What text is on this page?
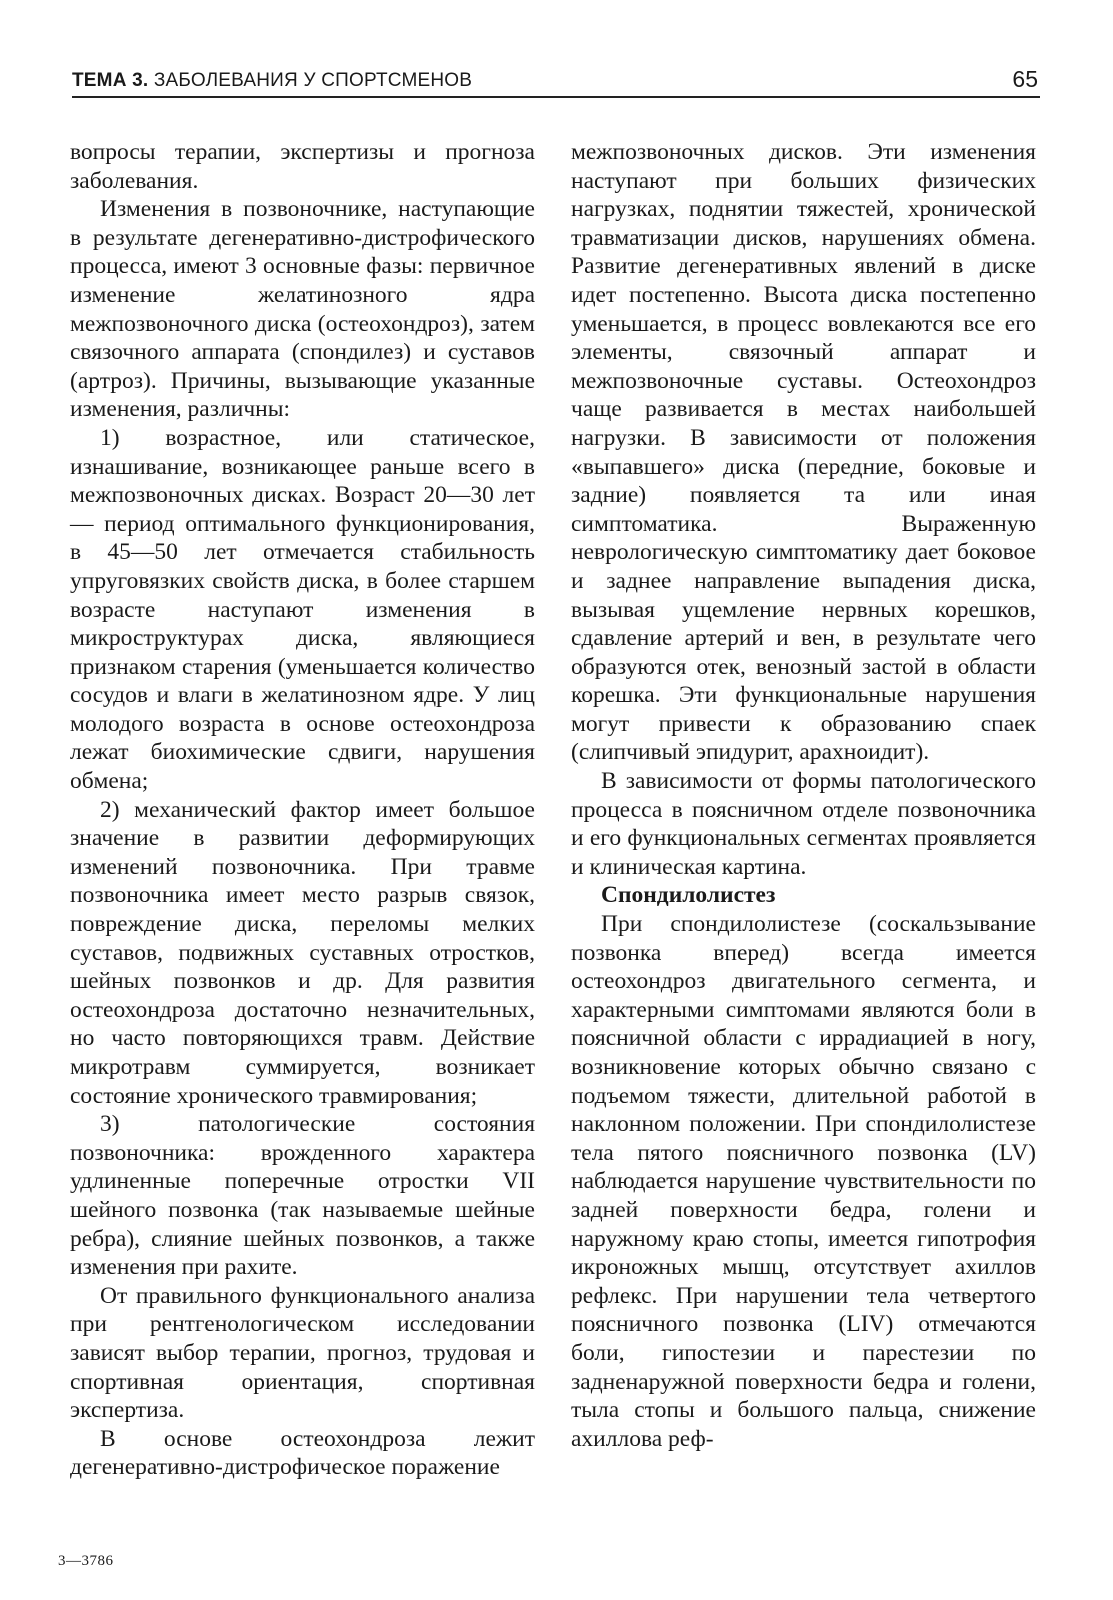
ТЕМА 3. ЗАБОЛЕВАНИЯ У СПОРТСМЕНОВ	65

вопросы терапии, экспертизы и прогноза заболевания.

Изменения в позвоночнике, наступающие в результате дегенеративно-дистрофического процесса, имеют 3 основные фазы: первичное изменение желатинозного ядра межпозвоночного диска (остеохондроз), затем связочного аппарата (спондилез) и суставов (артроз). Причины, вызывающие указанные изменения, различны:

1) возрастное, или статическое, изнашивание, возникающее раньше всего в межпозвоночных дисках. Возраст 20—30 лет — период оптимального функционирования, в 45—50 лет отмечается стабильность упруговязких свойств диска, в более старшем возрасте наступают изменения в микроструктурах диска, являющиеся признаком старения (уменьшается количество сосудов и влаги в желатинозном ядре. У лиц молодого возраста в основе остеохондроза лежат биохимические сдвиги, нарушения обмена;

2) механический фактор имеет большое значение в развитии деформирующих изменений позвоночника. При травме позвоночника имеет место разрыв связок, повреждение диска, переломы мелких суставов, подвижных суставных отростков, шейных позвонков и др. Для развития остеохондроза достаточно незначительных, но часто повторяющихся травм. Действие микротравм суммируется, возникает состояние хронического травмирования;

3) патологические состояния позвоночника: врожденного характера удлиненные поперечные отростки VII шейного позвонка (так называемые шейные ребра), слияние шейных позвонков, а также изменения при рахите.

От правильного функционального анализа при рентгенологическом исследовании зависят выбор терапии, прогноз, трудовая и спортивная ориентация, спортивная экспертиза.

В основе остеохондроза лежит дегенеративно-дистрофическое поражение

межпозвоночных дисков. Эти изменения наступают при больших физических нагрузках, поднятии тяжестей, хронической травматизации дисков, нарушениях обмена. Развитие дегенеративных явлений в диске идет постепенно. Высота диска постепенно уменьшается, в процесс вовлекаются все его элементы, связочный аппарат и межпозвоночные суставы. Остеохондроз чаще развивается в местах наибольшей нагрузки. В зависимости от положения «выпавшего» диска (передние, боковые и задние) появляется та или иная симптоматика. Выраженную неврологическую симптоматику дает боковое и заднее направление выпадения диска, вызывая ущемление нервных корешков, сдавление артерий и вен, в результате чего образуются отек, венозный застой в области корешка. Эти функциональные нарушения могут привести к образованию спаек (слипчивый эпидурит, арахноидит).

В зависимости от формы патологического процесса в поясничном отделе позвоночника и его функциональных сегментах проявляется и клиническая картина.

Спондилолистез

При спондилолистезе (соскальзывание позвонка вперед) всегда имеется остеохондроз двигательного сегмента, и характерными симптомами являются боли в поясничной области с иррадиацией в ногу, возникновение которых обычно связано с подъемом тяжести, длительной работой в наклонном положении. При спондилолистезе тела пятого поясничного позвонка (LV) наблюдается нарушение чувствительности по задней поверхности бедра, голени и наружному краю стопы, имеется гипотрофия икроножных мышц, отсутствует ахиллов рефлекс. При нарушении тела четвертого поясничного позвонка (LIV) отмечаются боли, гипостезии и парестезии по задненаружной поверхности бедра и голени, тыла стопы и большого пальца, снижение ахиллова реф-

3—3786
